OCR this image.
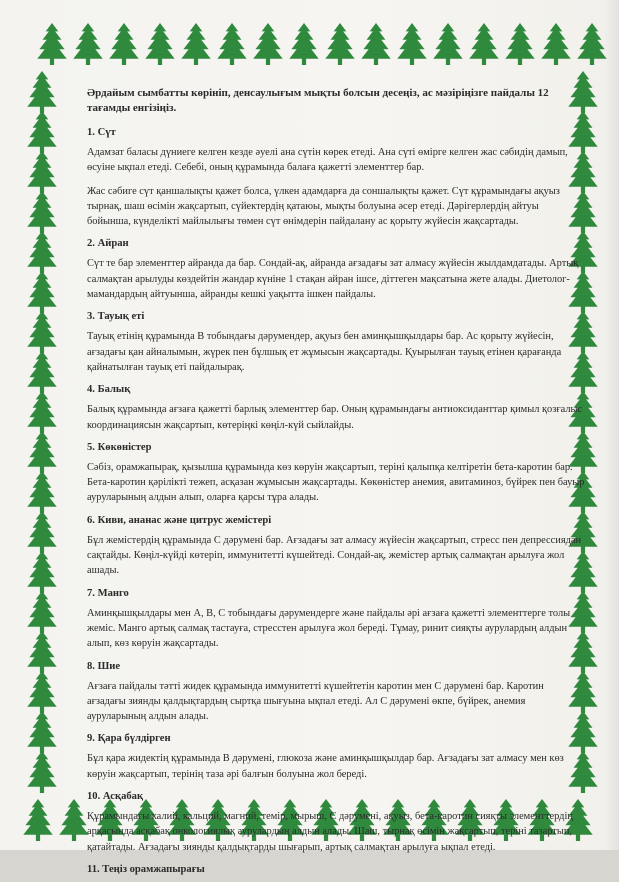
Әрдайым сымбатты көрініп, денсаулығым мықты болсын десеңіз, ас мәзіріңізге пайдалы 12 тағамды енгізіңіз.
1. Сүт

Адамзат баласы дүниеге келген кезде әуелі ана сүтін көрек етеді. Ана сүті өмірге келген жас сәбидің дамып, өсуіне ықпал етеді. Себебі, оның құрамында балаға қажетті элементтер бар.

Жас сәбиге сүт қаншалықты қажет болса, үлкен адамдарға да соншалықты қажет. Сүт құрамындағы ақуыз тырнақ, шаш өсімін жақсартып, сүйектердің қатаюы, мықты болуына әсер етеді. Дәрігерлердің айтуы бойынша, күнделікті майлылығы төмен сүт өнімдерін пайдалану ас қорыту жүйесін жақсартады.

2. Айран

Сүт те бар элементтер айранда да бар. Сондай-ақ, айранда ағзадағы зат алмасу жүйесін жылдамдатады. Артық салмақтан арылуды көздейтін жандар күніне 1 стақан айран ішсе, діттеген мақсатына жете алады. Диетолог-мамандардың айтуынша, айранды кешкі уақытта ішкен пайдалы.

3. Тауық еті

Тауық етінің құрамында В тобындағы дәрумендер, ақуыз бен аминқышқылдары бар. Ас қорыту жүйесін, ағзадағы қан айналымын, жүрек пен бұлшық ет жұмысын жақсартады. Қуырылған тауық етінен қарағанда қайнатылған тауық еті пайдалырақ.

4. Балық

Балық құрамында ағзаға қажетті барлық элементтер бар. Оның құрамындағы антиоксиданттар қимыл қозғалыс координациясын жақсартып, көтеріңкі көңіл-күй сыйлайды.

5. Көкөністер

Сәбіз, орамжапырақ, қызылша құрамында көз көруін жақсартып, теріні қалыпқа келтіретін бета-каротин бар. Бета-каротин қәріліктi тежеп, асқазан жұмысын жақсартады. Көкөністер анемия, авитаминоз, бүйрек пен бауыр ауруларының алдын алып, оларға қарсы тұра алады.

6. Киви, ананас және цитрус жемістері

Бұл жемістердің құрамында С дәрумені бар. Ағзадағы зат алмасу жүйесін жақсартып, стресс пен депрессиядан сақтайды. Көңіл-күйді көтеріп, иммунитетті күшейтеді. Сондай-ақ, жемістер артық салмақтан арылуға жол ашады.

7. Манго

Аминқышқылдары мен А, В, С тобындағы дәрумендерге және пайдалы әрі ағзаға қажетті элементтерге толы жеміс. Манго артық салмақ тастауға, стресстен арылуға жол береді. Тұмау, ринит сияқты аурулардың алдын алып, көз көруін жақсартады.

8. Шие

Ағзаға пайдалы тәтті жидек құрамында иммунитетті күшейтетін каротин мен С дәрумені бар. Каротин ағзадағы зиянды қалдықтардың сыртқа шығуына ықпал етеді. Ал С дәрумені өкпе, бүйрек, анемия ауруларының алдын алады.

9. Қара бүлдірген

Бұл қара жидектің құрамында В дәрумені, глюкоза және аминқышқылдар бар. Ағзадағы зат алмасу мен көз көруін жақсартып, терінің таза әрі балғын болуына жол береді.

10. Асқабақ

Құрамындағы калий, кальций, магний, темір, мырыш, С дәрумені, ақуыз, бета-каротин сияқты элементтердің арқасында асқабақ онкологиялық аурулардың алдын алады. Шаш, тырнақ өсімін жақсартып, теріні тазартып, қатайтады. Ағзадағы зиянды қалдықтарды шығарып, артық салмақтан арылуға ықпал етеді.

11. Теңіз орамжапырағы
